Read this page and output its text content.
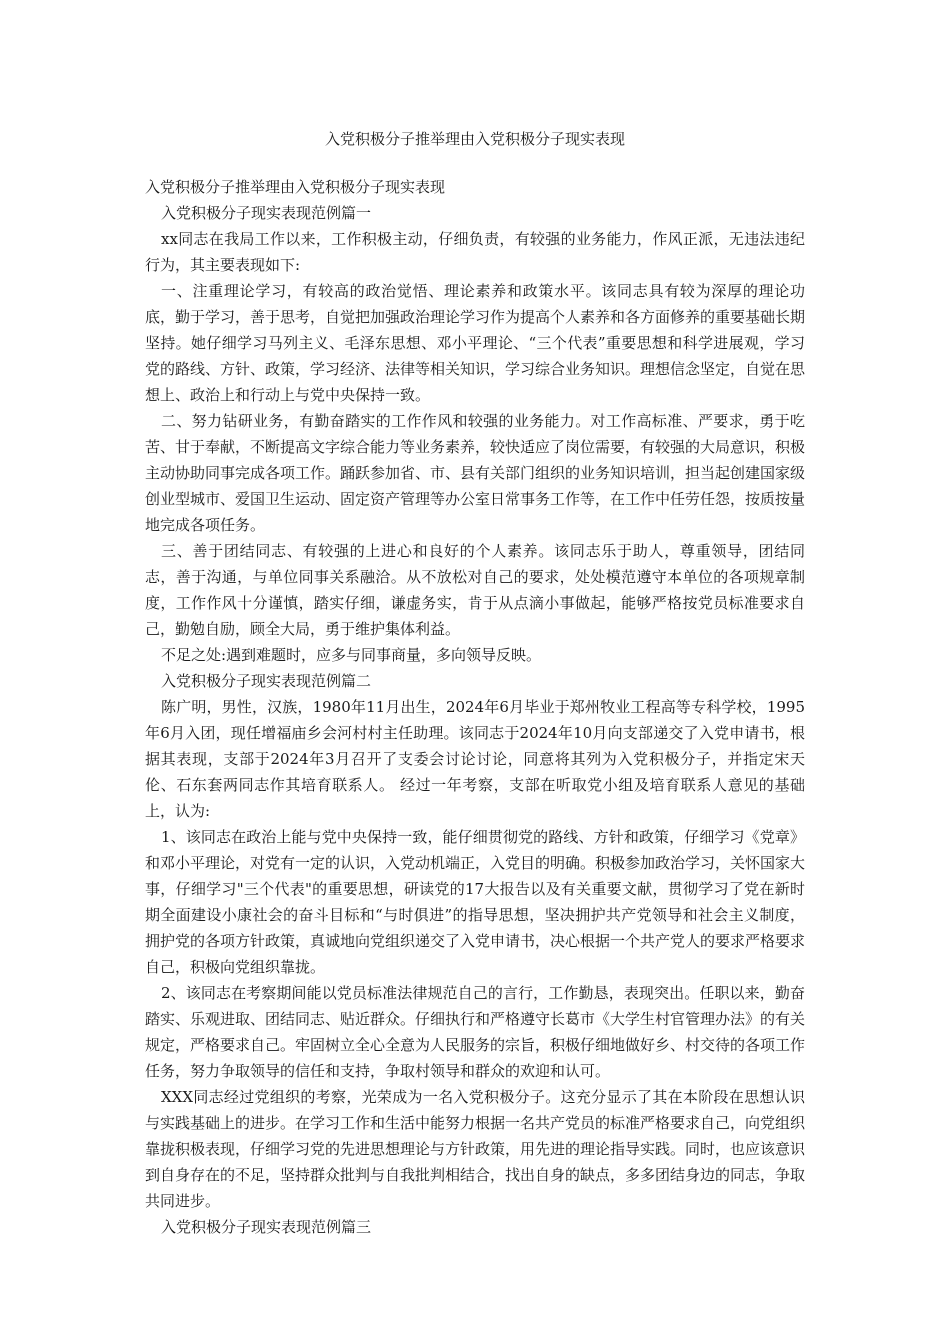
入党积极分子推举理由入党积极分子现实表现

入党积极分子推举理由入党积极分子现实表现

入党积极分子现实表现范例篇一

xx同志在我局工作以来，工作积极主动，仔细负责，有较强的业务能力，作风正派，无违法违纪行为，其主要表现如下:

一、注重理论学习，有较高的政治觉悟、理论素养和政策水平。该同志具有较为深厚的理论功底，勤于学习，善于思考，自觉把加强政治理论学习作为提高个人素养和各方面修养的重要基础长期坚持。她仔细学习马列主义、毛泽东思想、邓小平理论、“三个代表”重要思想和科学进展观，学习党的路线、方针、政策，学习经济、法律等相关知识，学习综合业务知识。理想信念坚定，自觉在思想上、政治上和行动上与党中央保持一致。

二、努力钻研业务，有勤奋踏实的工作作风和较强的业务能力。对工作高标准、严要求，勇于吃苦、甘于奉献，不断提高文字综合能力等业务素养，较快适应了岗位需要，有较强的大局意识，积极主动协助同事完成各项工作。踊跃参加省、市、县有关部门组织的业务知识培训，担当起创建国家级创业型城市、爱国卫生运动、固定资产管理等办公室日常事务工作等，在工作中任劳任怨，按质按量地完成各项任务。

三、善于团结同志、有较强的上进心和良好的个人素养。该同志乐于助人，尊重领导，团结同志，善于沟通，与单位同事关系融洽。从不放松对自己的要求，处处模范遵守本单位的各项规章制度，工作作风十分谨慎，踏实仔细，谦虚务实，肯于从点滴小事做起，能够严格按党员标准要求自己，勤勉自励，顾全大局，勇于维护集体利益。

不足之处:遇到难题时，应多与同事商量，多向领导反映。

入党积极分子现实表现范例篇二

陈广明，男性，汉族，1980年11月出生，2024年6月毕业于郑州牧业工程高等专科学校，1995年6月入团，现任增福庙乡会河村村主任助理。该同志于2024年10月向支部递交了入党申请书，根据其表现，支部于2024年3月召开了支委会讨论讨论，同意将其列为入党积极分子，并指定宋天伦、石东套两同志作其培育联系人。 经过一年考察，支部在听取党小组及培育联系人意见的基础上，认为:

1、该同志在政治上能与党中央保持一致，能仔细贯彻党的路线、方针和政策，仔细学习《党章》和邓小平理论，对党有一定的认识，入党动机端正，入党目的明确。积极参加政治学习，关怀国家大事，仔细学习"三个代表"的重要思想，研读党的17大报告以及有关重要文献，贯彻学习了党在新时期全面建设小康社会的奋斗目标和“与时俱进”的指导思想，坚决拥护共产党领导和社会主义制度，拥护党的各项方针政策，真诚地向党组织递交了入党申请书，决心根据一个共产党人的要求严格要求自己，积极向党组织靠拢。

2、该同志在考察期间能以党员标准法律规范自己的言行，工作勤恳，表现突出。任职以来，勤奋踏实、乐观进取、团结同志、贴近群众。仔细执行和严格遵守长葛市《大学生村官管理办法》的有关规定，严格要求自己。牢固树立全心全意为人民服务的宗旨，积极仔细地做好乡、村交待的各项工作任务，努力争取领导的信任和支持，争取村领导和群众的欢迎和认可。

XXX同志经过党组织的考察，光荣成为一名入党积极分子。这充分显示了其在本阶段在思想认识与实践基础上的进步。在学习工作和生活中能努力根据一名共产党员的标准严格要求自己，向党组织靠拢积极表现，仔细学习党的先进思想理论与方针政策，用先进的理论指导实践。同时，也应该意识到自身存在的不足，坚持群众批判与自我批判相结合，找出自身的缺点，多多团结身边的同志，争取共同进步。

入党积极分子现实表现范例篇三
